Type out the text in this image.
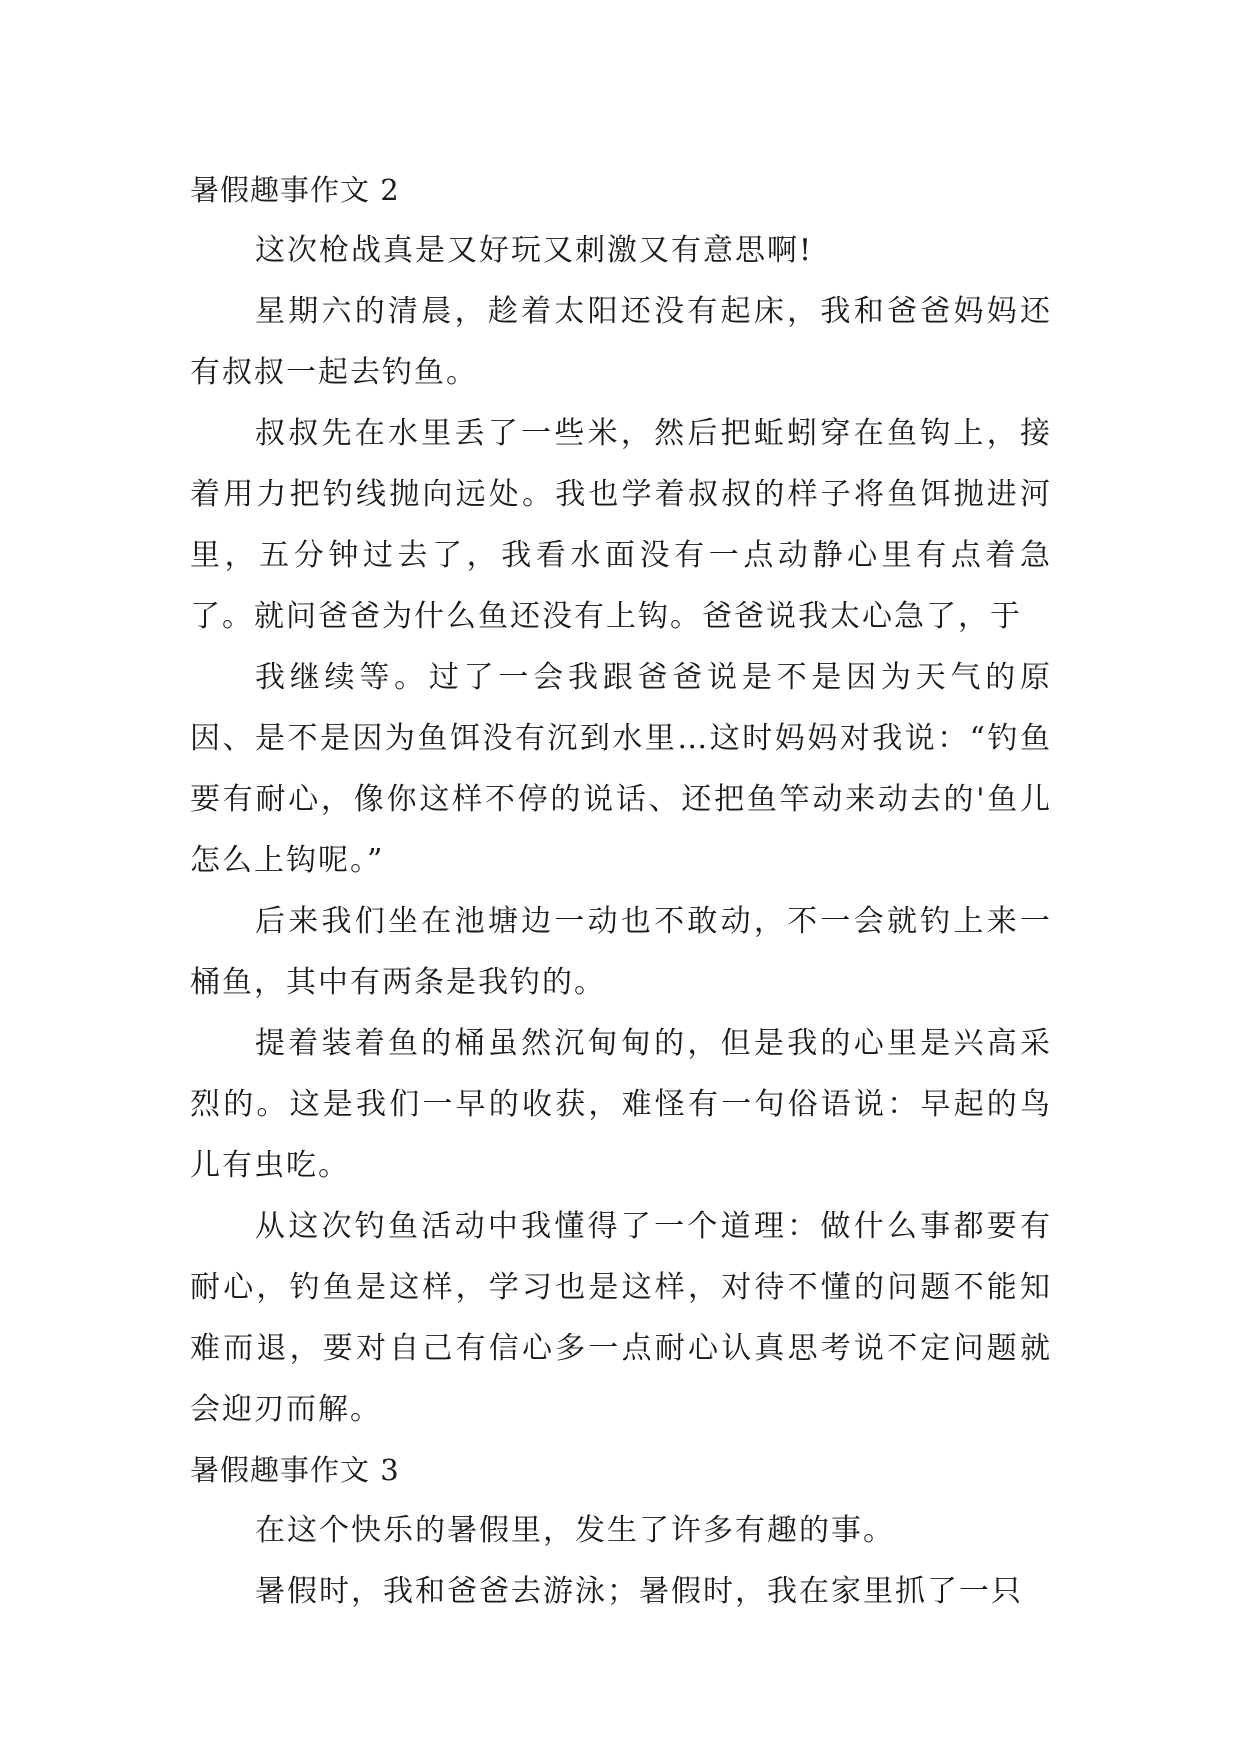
暑假趣事作文 2

这次枪战真是又好玩又刺激又有意思啊!

星期六的清晨，趁着太阳还没有起床，我和爸爸妈妈还有叔叔一起去钓鱼。

叔叔先在水里丢了一些米，然后把蚯蚓穿在鱼钩上，接着用力把钓线抛向远处。我也学着叔叔的样子将鱼饵抛进河里，五分钟过去了，我看水面没有一点动静心里有点着急了。就问爸爸为什么鱼还没有上钩。爸爸说我太心急了，于

我继续等。过了一会我跟爸爸说是不是因为天气的原因、是不是因为鱼饵没有沉到水里…这时妈妈对我说：“钓鱼要有耐心，像你这样不停的说话、还把鱼竿动来动去的'鱼儿怎么上钩呢。”

后来我们坐在池塘边一动也不敢动，不一会就钓上来一桶鱼，其中有两条是我钓的。

提着装着鱼的桶虽然沉甸甸的，但是我的心里是兴高采烈的。这是我们一早的收获，难怪有一句俗语说：早起的鸟儿有虫吃。

从这次钓鱼活动中我懂得了一个道理：做什么事都要有耐心，钓鱼是这样，学习也是这样，对待不懂的问题不能知难而退，要对自己有信心多一点耐心认真思考说不定问题就会迎刃而解。

暑假趣事作文 3

在这个快乐的暑假里，发生了许多有趣的事。

暑假时，我和爸爸去游泳；暑假时，我在家里抓了一只
